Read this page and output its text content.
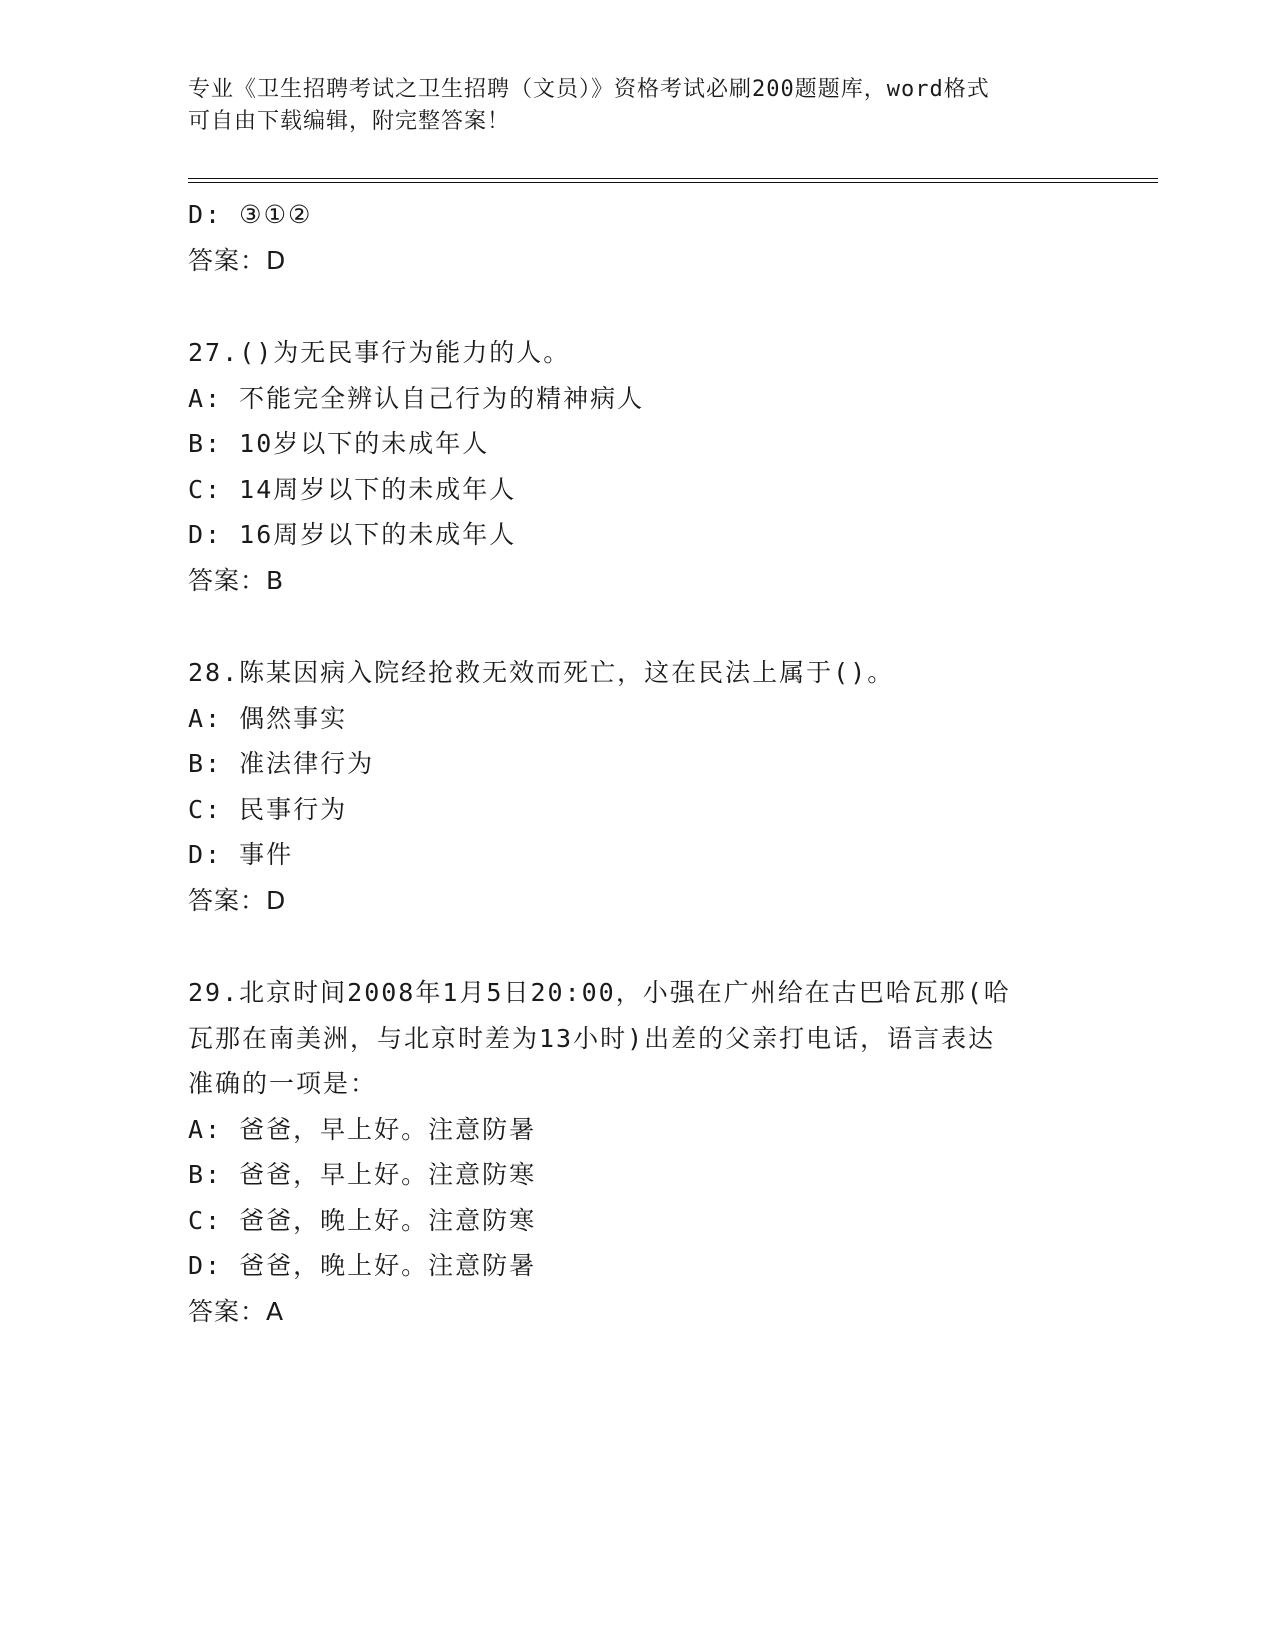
专业《卫生招聘考试之卫生招聘（文员）》资格考试必刷200题题库，word格式
可自由下载编辑，附完整答案！
D: ③①②
答案：D
27.()为无民事行为能力的人。
A: 不能完全辨认自己行为的精神病人
B: 10岁以下的未成年人
C: 14周岁以下的未成年人
D: 16周岁以下的未成年人
答案：B
28.陈某因病入院经抢救无效而死亡，这在民法上属于()。
A: 偶然事实
B: 准法律行为
C: 民事行为
D: 事件
答案：D
29.北京时间2008年1月5日20:00，小强在广州给在古巴哈瓦那(哈
瓦那在南美洲，与北京时差为13小时)出差的父亲打电话，语言表达
准确的一项是：
A: 爸爸，早上好。注意防暑
B: 爸爸，早上好。注意防寒
C: 爸爸，晚上好。注意防寒
D: 爸爸，晚上好。注意防暑
答案：A
